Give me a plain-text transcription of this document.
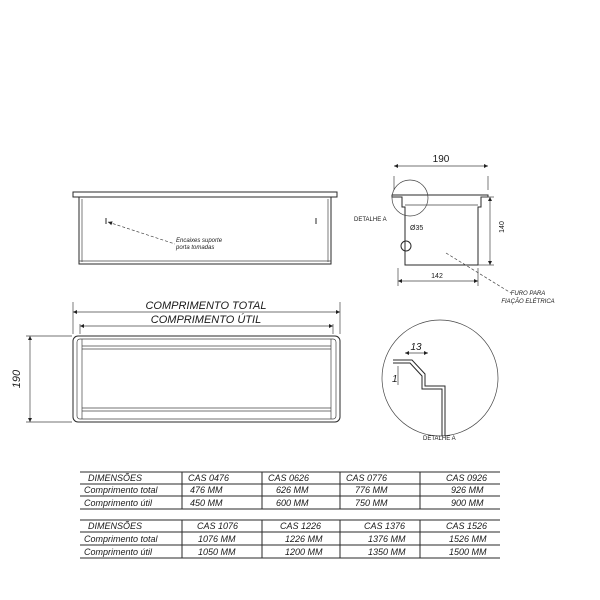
Encaixes suporte
porta tomadas
190
DETALHE A
Ø35	140
142
FURO PARA
FIAÇÃO ELÉTRICA
COMPRIMENTO TOTAL
COMPRIMENTO ÚTIL
190
13
1
DETALHE A
DIMENSÕES	CAS 0476	CAS 0626	CAS 0776	CAS 0926
Comprimento total	476 MM	626 MM	776 MM	926 MM
Comprimento útil	450 MM	600 MM	750 MM	900 MM
DIMENSÕES	CAS 1076	CAS 1226	CAS 1376	CAS 1526
Comprimento total	1076 MM	1226 MM	1376 MM	1526 MM
Comprimento útil	1050 MM	1200 MM	1350 MM	1500 MM
